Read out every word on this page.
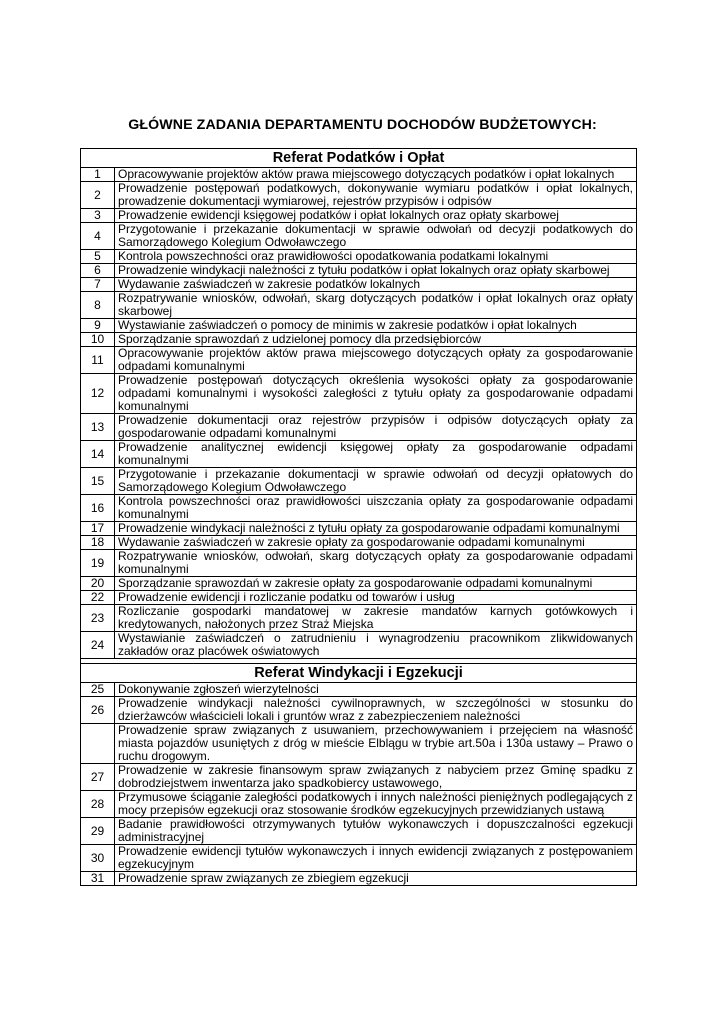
GŁÓWNE ZADANIA DEPARTAMENTU DOCHODÓW BUDŻETOWYCH:
Referat Podatków i Opłat	
1	Opracowywanie projektów aktów prawa miejscowego dotyczących podatków i opłat lokalnych
2	Prowadzenie postępowań podatkowych, dokonywanie wymiaru podatków i opłat lokalnych, prowadzenie dokumentacji wymiarowej, rejestrów przypisów i odpisów
3	Prowadzenie ewidencji księgowej podatków i opłat lokalnych oraz opłaty skarbowej
4	Przygotowanie i przekazanie dokumentacji w sprawie odwołań od decyzji podatkowych do Samorządowego Kolegium Odwoławczego
5	Kontrola powszechności oraz prawidłowości opodatkowania podatkami lokalnymi
6	Prowadzenie windykacji należności z tytułu podatków i opłat lokalnych oraz opłaty skarbowej
7	Wydawanie zaświadczeń w zakresie podatków lokalnych
8	Rozpatrywanie wniosków, odwołań, skarg dotyczących podatków i opłat lokalnych oraz opłaty skarbowej
9	Wystawianie zaświadczeń o pomocy de minimis w zakresie podatków i opłat lokalnych
10	Sporządzanie sprawozdań z udzielonej pomocy dla przedsiębiorców
11	Opracowywanie projektów aktów prawa miejscowego dotyczących opłaty za gospodarowanie odpadami komunalnymi
12	Prowadzenie postępowań dotyczących określenia wysokości opłaty za gospodarowanie odpadami komunalnymi i wysokości zaległości z tytułu opłaty za gospodarowanie odpadami komunalnymi
13	Prowadzenie dokumentacji oraz rejestrów przypisów i odpisów dotyczących opłaty za gospodarowanie odpadami komunalnymi
14	Prowadzenie analitycznej ewidencji księgowej opłaty za gospodarowanie odpadami komunalnymi
15	Przygotowanie i przekazanie dokumentacji w sprawie odwołań od decyzji opłatowych do Samorządowego Kolegium Odwoławczego
16	Kontrola powszechności oraz prawidłowości uiszczania opłaty za gospodarowanie odpadami komunalnymi
17	Prowadzenie windykacji należności z tytułu opłaty za gospodarowanie odpadami komunalnymi
18	Wydawanie zaświadczeń w zakresie opłaty za gospodarowanie odpadami komunalnymi
19	Rozpatrywanie wniosków, odwołań, skarg dotyczących opłaty za gospodarowanie odpadami komunalnymi
20	Sporządzanie sprawozdań w zakresie opłaty za gospodarowanie odpadami komunalnymi
22	Prowadzenie ewidencji i rozliczanie podatku od towarów i usług
23	Rozliczanie gospodarki mandatowej w zakresie mandatów karnych gotówkowych i kredytowanych, nałożonych przez Straż Miejska
24	Wystawianie zaświadczeń o zatrudnieniu i wynagrodzeniu pracownikom zlikwidowanych zakładów oraz placówek oświatowych

Referat Windykacji i Egzekucji	
25	Dokonywanie zgłoszeń wierzytelności
26	Prowadzenie windykacji należności cywilnoprawnych, w szczególności w stosunku do dzierżawców właścicieli lokali i gruntów wraz z zabezpieczeniem należności
	Prowadzenie spraw związanych z usuwaniem, przechowywaniem i przejęciem na własność miasta pojazdów usuniętych z dróg w mieście Elblągu w trybie art.50a i 130a ustawy – Prawo o ruchu drogowym.
27	Prowadzenie w zakresie finansowym spraw związanych z nabyciem przez Gminę spadku z dobrodziejstwem inwentarza jako spadkobiercy ustawowego,
28	Przymusowe ściąganie zaległości podatkowych i innych należności pieniężnych podlegających z mocy przepisów egzekucji oraz stosowanie środków egzekucyjnych przewidzianych ustawą
29	Badanie prawidłowości otrzymywanych tytułów wykonawczych i dopuszczalności egzekucji administracyjnej
30	Prowadzenie ewidencji tytułów wykonawczych i innych ewidencji związanych z postępowaniem egzekucyjnym
31	Prowadzenie spraw związanych ze zbiegiem egzekucji
